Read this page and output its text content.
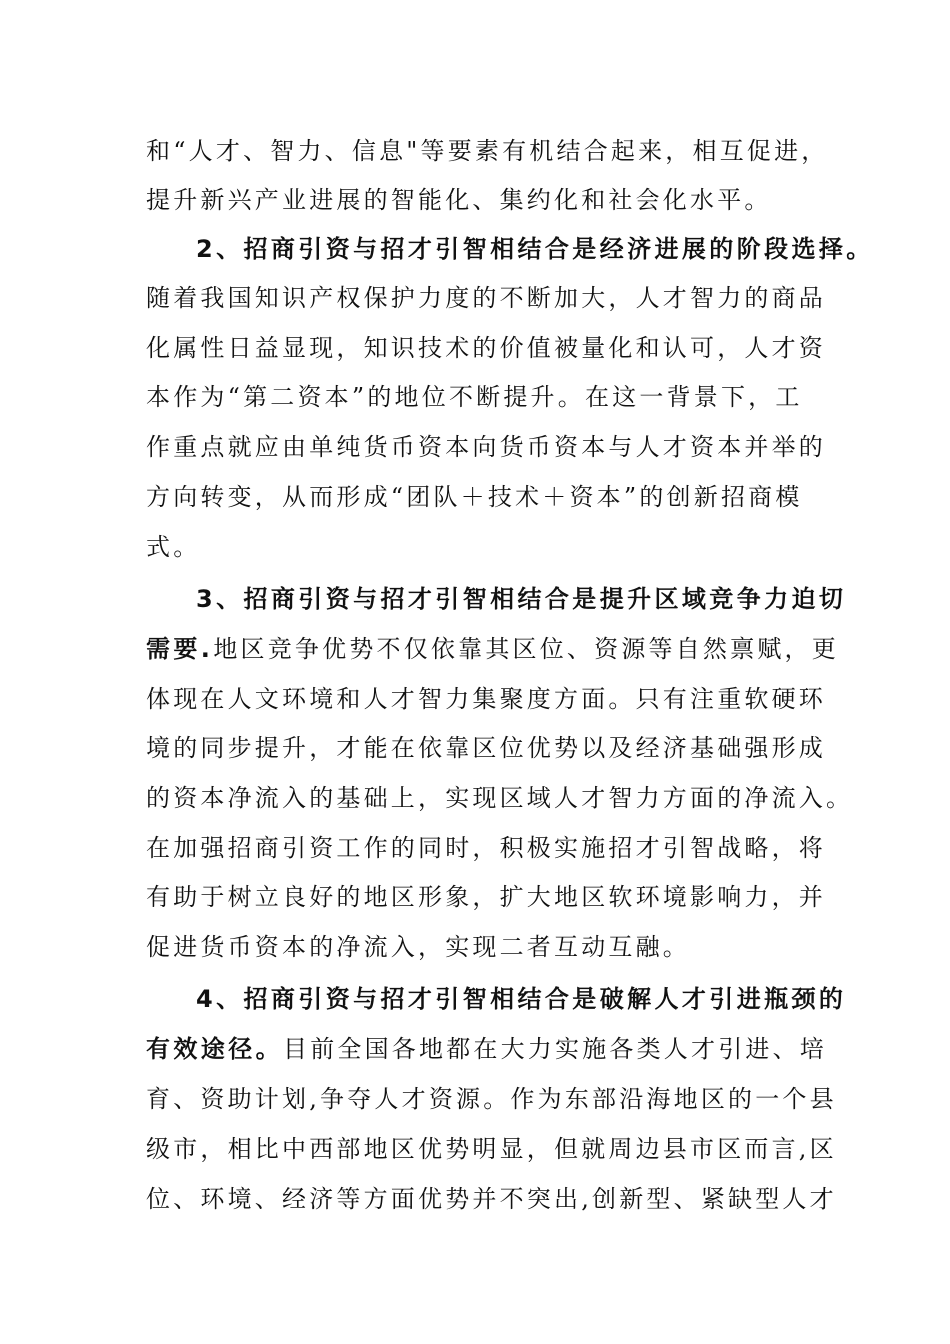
和“人才、智力、信息"等要素有机结合起来，相互促进，
提升新兴产业进展的智能化、集约化和社会化水平。
2、招商引资与招才引智相结合是经济进展的阶段选择。
随着我国知识产权保护力度的不断加大，人才智力的商品
化属性日益显现，知识技术的价值被量化和认可，人才资
本作为“第二资本”的地位不断提升。在这一背景下，工
作重点就应由单纯货币资本向货币资本与人才资本并举的
方向转变，从而形成“团队＋技术＋资本”的创新招商模
式。
3、招商引资与招才引智相结合是提升区域竞争力迫切
需要.地区竞争优势不仅依靠其区位、资源等自然禀赋，更
体现在人文环境和人才智力集聚度方面。只有注重软硬环
境的同步提升，才能在依靠区位优势以及经济基础强形成
的资本净流入的基础上，实现区域人才智力方面的净流入。
在加强招商引资工作的同时，积极实施招才引智战略，将
有助于树立良好的地区形象，扩大地区软环境影响力，并
促进货币资本的净流入，实现二者互动互融。
4、招商引资与招才引智相结合是破解人才引进瓶颈的
有效途径。目前全国各地都在大力实施各类人才引进、培
育、资助计划,争夺人才资源。作为东部沿海地区的一个县
级市，相比中西部地区优势明显，但就周边县市区而言,区
位、环境、经济等方面优势并不突出,创新型、紧缺型人才
